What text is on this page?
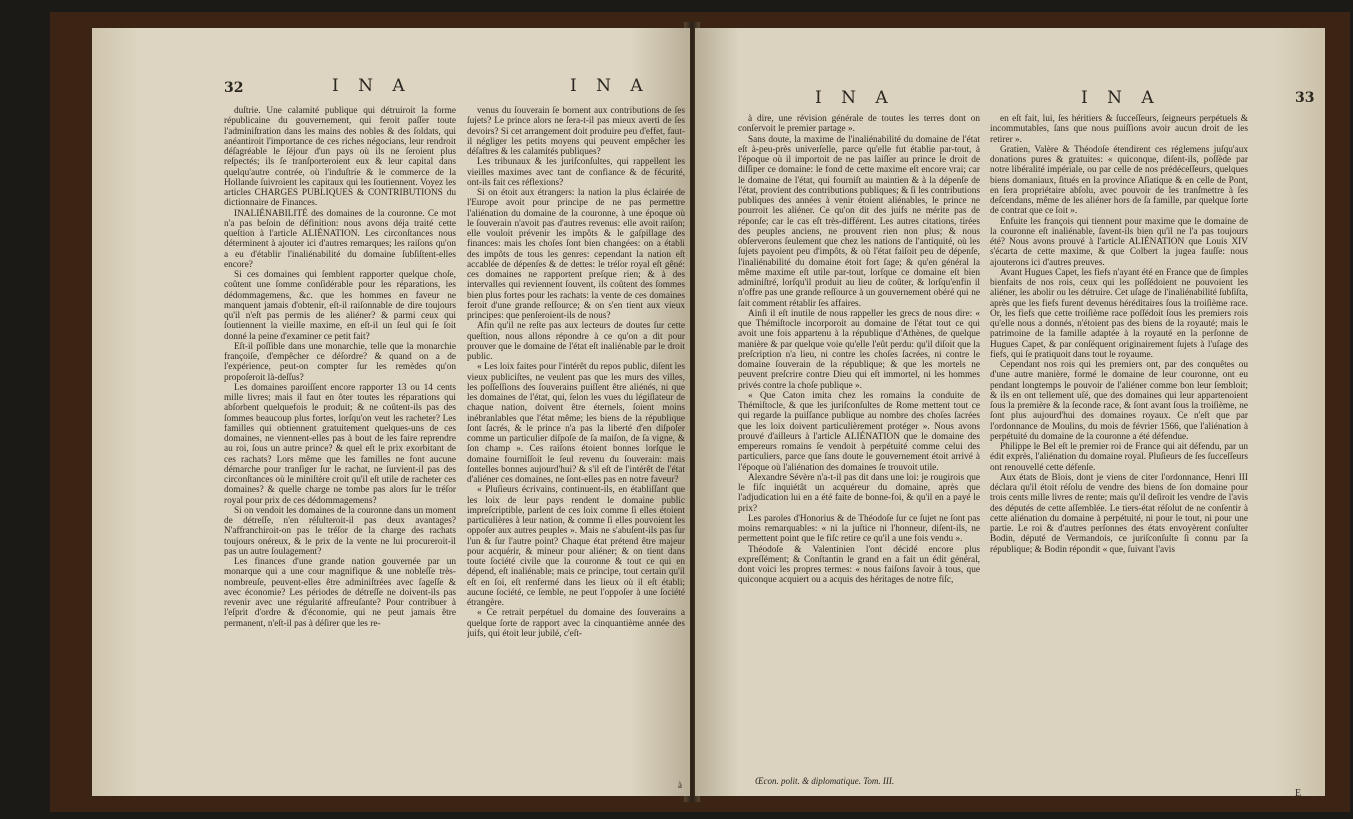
32	I N A	I N A

duſtrie. Une calamité publique qui détruiroit la forme républicaine du gouvernement, qui feroit paſſer toute l'adminiſtration dans les mains des nobles & des ſoldats, qui anéantiroit l'importance de ces riches négocians, leur rendroit déſagréable le ſéjour d'un pays où ils ne ſeroient plus reſpectés; ils ſe tranſporteroient eux & leur capital dans quelqu'autre contrée, où l'induſtrie & le commerce de la Hollande ſuivroient les capitaux qui les ſoutiennent. Voyez les articles CHARGES PUBLIQUES & CONTRIBUTIONS du dictionnaire de Finances.

INALIÉNABILITÉ des domaines de la couronne. Ce mot n'a pas beſoin de définition: nous avons déja traité cette queſtion à l'article ALIÉNATION. Les circonſtances nous déterminent à ajouter ici d'autres remarques; les raiſons qu'on a eu d'établir l'inaliénabilité du domaine ſubſiſtent-elles encore?

Si ces domaines qui ſemblent rapporter quelque choſe, coûtent une ſomme conſidérable pour les réparations, les dédommagemens, &c. que les hommes en faveur ne manquent jamais d'obtenir, eſt-il raiſonnable de dire toujours qu'il n'eſt pas permis de les aliéner? & parmi ceux qui ſoutiennent la vieille maxime, en eſt-il un ſeul qui ſe ſoit donné la peine d'examiner ce petit fait?

Eſt-il poſſible dans une monarchie, telle que la monarchie françoiſe, d'empêcher ce déſordre? & quand on a de l'expérience, peut-on compter ſur les remèdes qu'on propoſeroit là-deſſus?

Les domaines paroiſſent encore rapporter 13 ou 14 cents mille livres; mais il faut en ôter toutes les réparations qui abſorbent quelquefois le produit; & ne coûtent-ils pas des ſommes beaucoup plus fortes, lorſqu'on veut les racheter? Les familles qui obtiennent gratuitement quelques-uns de ces domaines, ne viennent-elles pas à bout de les faire reprendre au roi, ſous un autre prince? & quel eſt le prix exorbitant de ces rachats? Lors même que les familles ne font aucune démarche pour tranſiger ſur le rachat, ne ſurvient-il pas des circonſtances où le miniſtère croit qu'il eſt utile de racheter ces domaines? & quelle charge ne tombe pas alors ſur le tréſor royal pour prix de ces dédommagemens?

Si on vendoit les domaines de la couronne dans un moment de détreſſe, n'en réſulteroit-il pas deux avantages? N'affranchiroit-on pas le tréſor de la charge des rachats toujours onéreux, & le prix de la vente ne lui procureroit-il pas un autre ſoulagement?

Les finances d'une grande nation gouvernée par un monarque qui a une cour magnifique & une nobleſſe très-nombreuſe, peuvent-elles être adminiſtrées avec ſageſſe & avec économie? Les périodes de détreſſe ne doivent-ils pas revenir avec une régularité affreuſante? Pour contribuer à l'eſprit d'ordre & d'économie, qui ne peut jamais être permanent, n'eſt-il pas à déſirer que les re-

venus du ſouverain ſe bornent aux contributions de ſes ſujets? Le prince alors ne ſera-t-il pas mieux averti de ſes devoirs? Si cet arrangement doit produire peu d'effet, faut-il négliger les petits moyens qui peuvent empêcher les déſaſtres & les calamités publiques?

Les tribunaux & les juriſconſultes, qui rappellent les vieilles maximes avec tant de confiance & de fécurité, ont-ils fait ces réflexions?

Si on étoit aux étrangers: la nation la plus éclairée de l'Europe avoit pour principe de ne pas permettre l'aliénation du domaine de la couronne, à une époque où le ſouverain n'avoit pas d'autres revenus: elle avoit raiſon; elle vouloit prévenir les impôts & le gaſpillage des finances: mais les choſes ſont bien changées: on a établi des impôts de tous les genres: cependant la nation eſt accablée de dépenſes & de dettes: le tréſor royal eſt gêné: ces domaines ne rapportent preſque rien; & à des intervalles qui reviennent ſouvent, ils coûtent des ſommes bien plus fortes pour les rachats: la vente de ces domaines feroit d'une grande reſſource; & on s'en tient aux vieux principes: que penſeroient-ils de nous?

Afin qu'il ne reſte pas aux lecteurs de doutes ſur cette queſtion, nous allons répondre à ce qu'on a dit pour prouver que le domaine de l'état eſt inaliénable par le droit public.

« Les loix faites pour l'intérêt du repos public, diſent les vieux publiciſtes, ne veulent pas que les murs des villes, les poſſeſſions des ſouverains puiſſent être aliénés, ni que les domaines de l'état, qui, ſelon les vues du légiſlateur de chaque nation, doivent être éternels, ſoient moins inébranlables que l'état même; les biens de la république ſont ſacrés, & le prince n'a pas la liberté d'en diſpoſer comme un particulier diſpoſe de ſa maiſon, de ſa vigne, & ſon champ ». Ces raiſons étoient bonnes lorſque le domaine fourniſſoit le ſeul revenu du ſouverain: mais ſontelles bonnes aujourd'hui? & s'il eſt de l'intérêt de l'état d'aliéner ces domaines, ne ſont-elles pas en notre faveur?

« Pluſieurs écrivains, continuent-ils, en établiſſant que les loix de leur pays rendent le domaine public impreſcriptible, parlent de ces loix comme ſi elles étoient particulières à leur nation, & comme ſi elles pouvoient les oppoſer aux autres peuples ». Mais ne s'abuſent-ils pas ſur l'un & ſur l'autre point? Chaque état prétend être majeur pour acquérir, & mineur pour aliéner; & on tient dans toute ſociété civile que la couronne & tout ce qui en dépend, eſt inaliénable; mais ce principe, tout certain qu'il eſt en ſoi, eſt renfermé dans les lieux où il eſt établi; aucune ſociété, ce ſemble, ne peut l'oppoſer à une ſociété étrangère.

« Ce retrait perpétuel du domaine des ſouverains a quelque ſorte de rapport avec la cinquantième année des juifs, qui étoit leur jubilé, c'eſt-

à
I N A	I N A	33

à dire, une révision générale de toutes les terres dont on conſervoit le premier partage ».

Sans doute, la maxime de l'inaliénabilité du domaine de l'état eſt à-peu-près univerſelle, parce qu'elle fut établie par-tout, à l'époque où il importoit de ne pas laiſſer au prince le droit de diſſiper ce domaine: le fond de cette maxime eſt encore vrai; car le domaine de l'état, qui fourniſt au maintien & à la dépenſe de l'état, provient des contributions publiques; & ſi les contributions publiques des années à venir étoient aliénables, le prince ne pourroit les aliéner. Ce qu'on dit des juifs ne mérite pas de réponſe; car le cas eſt très-différent. Les autres citations, tirées des peuples anciens, ne prouvent rien non plus; & nous obſerverons ſeulement que chez les nations de l'antiquité, où les ſujets payoient peu d'impôts, & où l'état faiſoit peu de dépenſe, l'inaliénabilité du domaine étoit fort ſage; & qu'en général la même maxime eſt utile par-tout, lorſque ce domaine eſt bien adminiſtré, lorſqu'il produit au lieu de coûter, & lorſqu'enfin il n'offre pas une grande reſſource à un gouvernement obéré qui ne ſait comment rétablir ſes affaires.

Ainſi il eſt inutile de nous rappeller les grecs de nous dire: « que Thémiſtocle incorporoit au domaine de l'état tout ce qui avoit une fois appartenu à la république d'Athènes, de quelque manière & par quelque voie qu'elle l'eût perdu: qu'il diſoit que la preſcription n'a lieu, ni contre les choſes ſacrées, ni contre le domaine ſouverain de la république; & que les mortels ne peuvent preſcrire contre Dieu qui eſt immortel, ni les hommes privés contre la choſe publique ».

« Que Caton imita chez les romains la conduite de Thémiſtocle, & que les juriſconſultes de Rome mettent tout ce qui regarde la puiſſance publique au nombre des choſes ſacrées que les loix doivent particulièrement protéger ». Nous avons prouvé d'ailleurs à l'article ALIÉNATION que le domaine des empereurs romains ſe vendoit à perpétuité comme celui des particuliers, parce que ſans doute le gouvernement étoit arrivé à l'époque où l'aliénation des domaines ſe trouvoit utile.

Alexandre Sévère n'a-t-il pas dit dans une loi: je rougirois que le fiſc inquiétât un acquéreur du domaine, après que l'adjudication lui en a été faite de bonne-foi, & qu'il en a payé le prix?

Les paroles d'Honorius & de Théodoſe ſur ce ſujet ne ſont pas moins remarquables: « ni la juſtice ni l'honneur, diſent-ils, ne permettent point que le fiſc retire ce qu'il a une fois vendu ».

Théodoſe & Valentinien l'ont décidé encore plus expreſſément; & Conſtantin le grand en a fait un édit général, dont voici les propres termes: « nous faiſons ſavoir à tous, que quiconque acquiert ou a acquis des héritages de notre fiſc,

Œcon. polit. & diplomatique. Tom. III.

en eſt fait, lui, ſes héritiers & ſucceſſeurs, ſeigneurs perpétuels & incommutables, ſans que nous puiſſions avoir aucun droit de les retirer ».

Gratien, Valère & Théodoſe étendirent ces réglemens juſqu'aux donations pures & gratuites: « quiconque, diſent-ils, poſſède par notre libéralité impériale, ou par celle de nos prédéceſſeurs, quelques biens domaniaux, ſitués en la province Aſiatique & en celle de Pont, en ſera propriétaire abſolu, avec pouvoir de les tranſmettre à ſes deſcendans, même de les aliéner hors de ſa famille, par quelque ſorte de contrat que ce ſoit ».

Enfuite les françois qui tiennent pour maxime que le domaine de la couronne eſt inaliénable, ſavent-ils bien qu'il ne l'a pas toujours été? Nous avons prouvé à l'article ALIÉNATION que Louis XIV s'écarta de cette maxime, & que Colbert la jugea fauſſe: nous ajouterons ici d'autres preuves.

Avant Hugues Capet, les fiefs n'ayant été en France que de ſimples bienfaits de nos rois, ceux qui les poſſédoient ne pouvoient les aliéner, les abolir ou les détruire. Cet uſage de l'inaliénabilité ſubſiſta, après que les fiefs furent devenus héréditaires ſous la troiſième race. Or, les fiefs que cette troiſième race poſſédoit ſous les premiers rois qu'elle nous a donnés, n'étoient pas des biens de la royauté; mais le patrimoine de la famille adaptée à la royauté en la perſonne de Hugues Capet, & par conſéquent originairement ſujets à l'uſage des fiefs, qui ſe pratiquoit dans tout le royaume.

Cependant nos rois qui les premiers ont, par des conquêtes ou d'une autre manière, formé le domaine de leur couronne, ont eu pendant longtemps le pouvoir de l'aliéner comme bon leur ſembloit; & ils en ont tellement uſé, que des domaines qui leur appartenoient ſous la première & la ſeconde race, & ſont avant ſous la troiſième, ne ſont plus aujourd'hui des domaines royaux. Ce n'eſt que par l'ordonnance de Moulins, du mois de février 1566, que l'aliénation à perpétuité du domaine de la couronne a été défendue.

Philippe le Bel eſt le premier roi de France qui ait défendu, par un édit exprès, l'aliénation du domaine royal. Pluſieurs de ſes ſucceſſeurs ont renouvellé cette défenſe.

Aux états de Blois, dont je viens de citer l'ordonnance, Henri III déclara qu'il étoit réſolu de vendre des biens de ſon domaine pour trois cents mille livres de rente; mais qu'il deſiroit les vendre de l'avis des députés de cette aſſemblée. Le tiers-état réſolut de ne conſentir à cette aliénation du domaine à perpétuité, ni pour le tout, ni pour une partie. Le roi & d'autres perſonnes des états envoyèrent conſulter Bodin, député de Vermandois, ce juriſconſulte ſi connu par ſa république; & Bodin répondit « que, ſuivant l'avis

E
